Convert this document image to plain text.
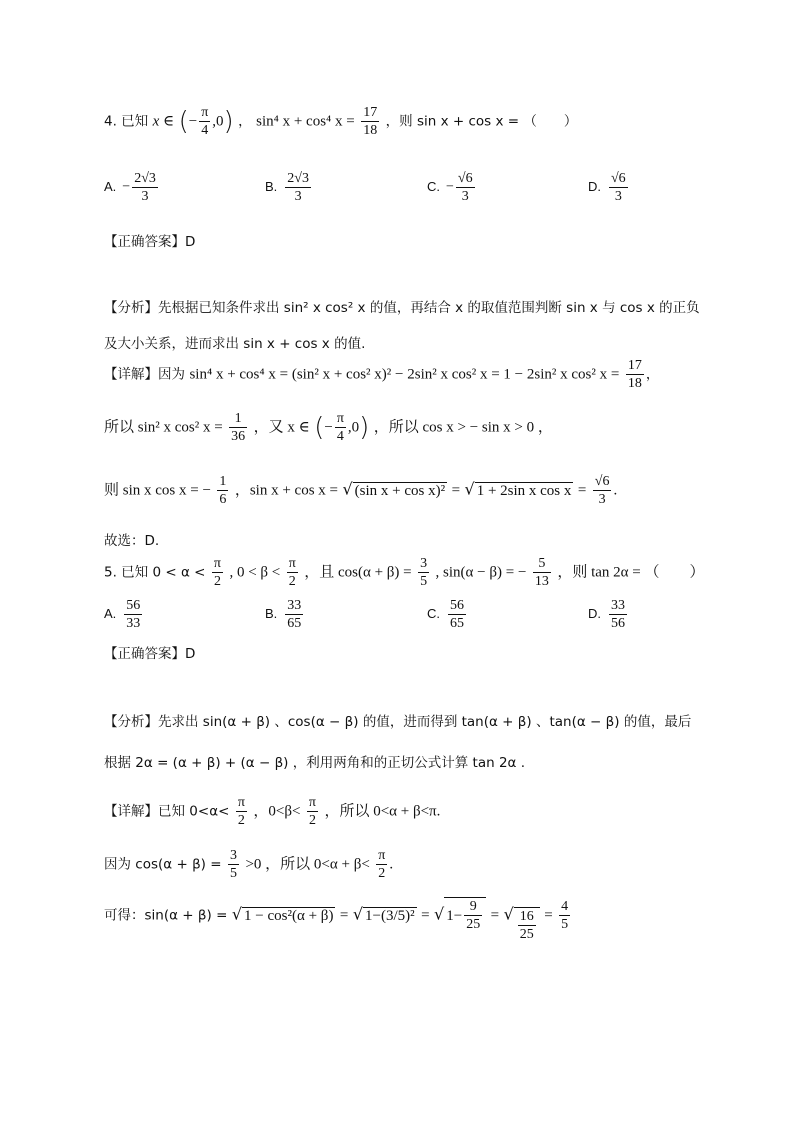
4. 已知 x ∈ (− $\frac{\pi}{4} ,0$) ， sin⁴ x + cos⁴ $x = \frac{17}{18}$ ，则 sin x + cos x = （　　）
A. − $\frac{2√3}{3}$	B. $\frac{2√3}{3}$	C. − $\frac{√6}{3}$	D. $\frac{√6}{3}$
【正确答案】D
【分析】先根据已知条件求出 sin² x cos² x 的值，再结合 x 的取值范围判断 sin x 与 cos x 的正负
及大小关系，进而求出 sin x + cos x 的值.
【详解】因为 sin⁴ x + cos⁴ x = (sin² x + cos² x)² − 2sin² x cos² x = 1 − 2sin² x cos² $x = \frac{17}{18}$ ，
所以 sin² x cos² $x = \frac{1}{36}$ ，又 x ∈ (− $\frac{\pi}{4} ,0$) ，所以 cos x > − sin x > 0 ，
则 sin x cos x = − $\frac{1}{6}$ ，sin x + cos x = √ (sin x + cos x)² = √ 1 + 2sin x $\cos x = \frac{√6}{3}$ .
故选：D.
5. 已知 $0 < \alpha < \frac{\pi}{2}$ , $0 < \beta < \frac{\pi}{2}$ ，且 $\cos(\alpha + \beta) = \frac{3}{5}$ , sin(α − β) = − $\frac{5}{13}$ ，则 tan 2α = （　　）
A. $\frac{56}{33}$	B. $\frac{33}{65}$	C. $\frac{56}{65}$	D. $\frac{33}{56}$
【正确答案】D
【分析】先求出 sin(α + β) 、cos(α − β) 的值，进而得到 tan(α + β) 、tan(α − β) 的值，最后
根据 2α = (α + β) + (α − β) ，利用两角和的正切公式计算 tan 2α .
【详解】已知 $0<\alpha< \frac{\pi}{2}$ ，$0<\beta< \frac{\pi}{2}$ ，所以 0<α + β<π.
因为 $\cos(\alpha + \beta) = \frac{3}{5} >0$ ，所以 $0<\alpha + \beta< \frac{\pi}{2}$ .
可得：sin(α + β) = √ 1 − cos²(α + β) = √ 1−(3/5)² = √ $1- \frac{9}{25}$ = √ $\frac{16}{25} = \frac{4}{5}$
